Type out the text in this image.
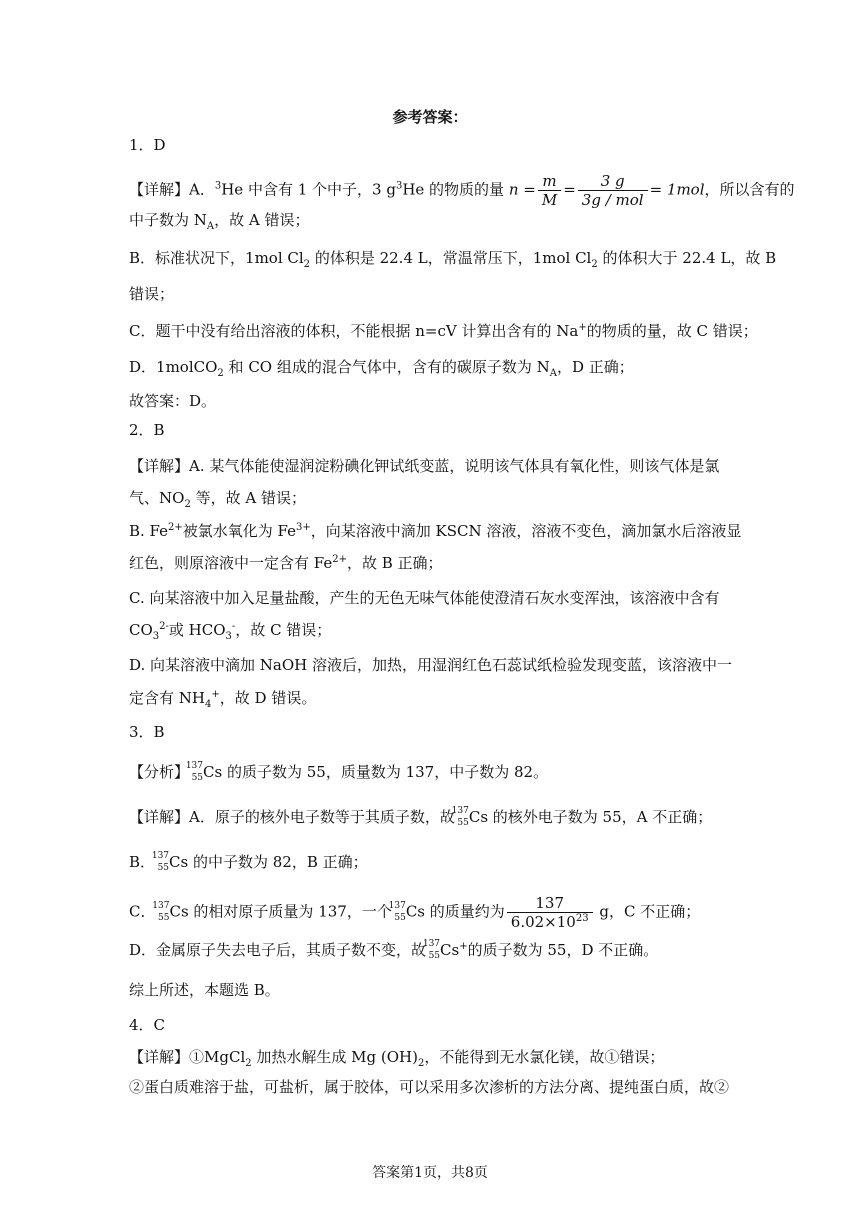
参考答案：
1．D
【详解】A．$^3$He 中含有 1 个中子，3 $g^3He$ 的物质的量 $n = \frac{m}{M} = \frac{3 g}{\text{3g / mol}} = 1mol$，所以含有的
中子数为 $N_A$，故 A 错误；
B．标准状况下，1mol $Cl_2$ 的体积是 22.4 L，常温常压下，1mol $Cl_2$ 的体积大于 22.4 L，故 B
错误；
C．题干中没有给出溶液的体积，不能根据 n=cV 计算出含有的 Na+的物质的量，故 C 错误；
D．1molCO$_2$ 和 CO 组成的混合气体中，含有的碳原子数为 $N_A$，D 正确；
故答案：D。
2．B
【详解】A. 某气体能使湿润淀粉碘化钾试纸变蓝，说明该气体具有氧化性，则该气体是氯
气、$NO_2$ 等，故 A 错误；
B. $Fe^{2+}$被氯水氧化为 $Fe^{3+}$，向某溶液中滴加 KSCN 溶液，溶液不变色，滴加氯水后溶液显
红色，则原溶液中一定含有 $Fe^{2+}$，故 B 正确；
C. 向某溶液中加入足量盐酸，产生的无色无味气体能使澄清石灰水变浑浊，该溶液中含有
$CO_3^{2-}$或 $HCO_3^-$，故 C 错误；
D. 向某溶液中滴加 NaOH 溶液后，加热，用湿润红色石蕊试纸检验发现变蓝，该溶液中一
定含有 $NH_4^+$，故 D 错误。
3．B
【分析】
137
55 Cs 的质子数为 55，质量数为 137，中子数为 82。
【详解】A．原子的核外电子数等于其质子数，故
137
55 Cs 的核外电子数为 55，A 不正确；
B．
137
55 Cs 的中子数为 82，B 正确；
C．
137
55 Cs 的相对原子质量为 137，一个
137
55 Cs 的质量约为 $\frac{137}{6.02\times 10^{23}}$ g，C 不正确；
D．金属原子失去电子后，其质子数不变，故
137
55 Cs+的质子数为 55，D 不正确。
综上所述，本题选 B。
4．C
【详解】①MgCl$_2$ 加热水解生成 Mg $(OH)_2$，不能得到无水氯化镁，故①错误；
②蛋白质难溶于盐，可盐析，属于胶体，可以采用多次渗析的方法分离、提纯蛋白质，故②
答案第1页，共8页
